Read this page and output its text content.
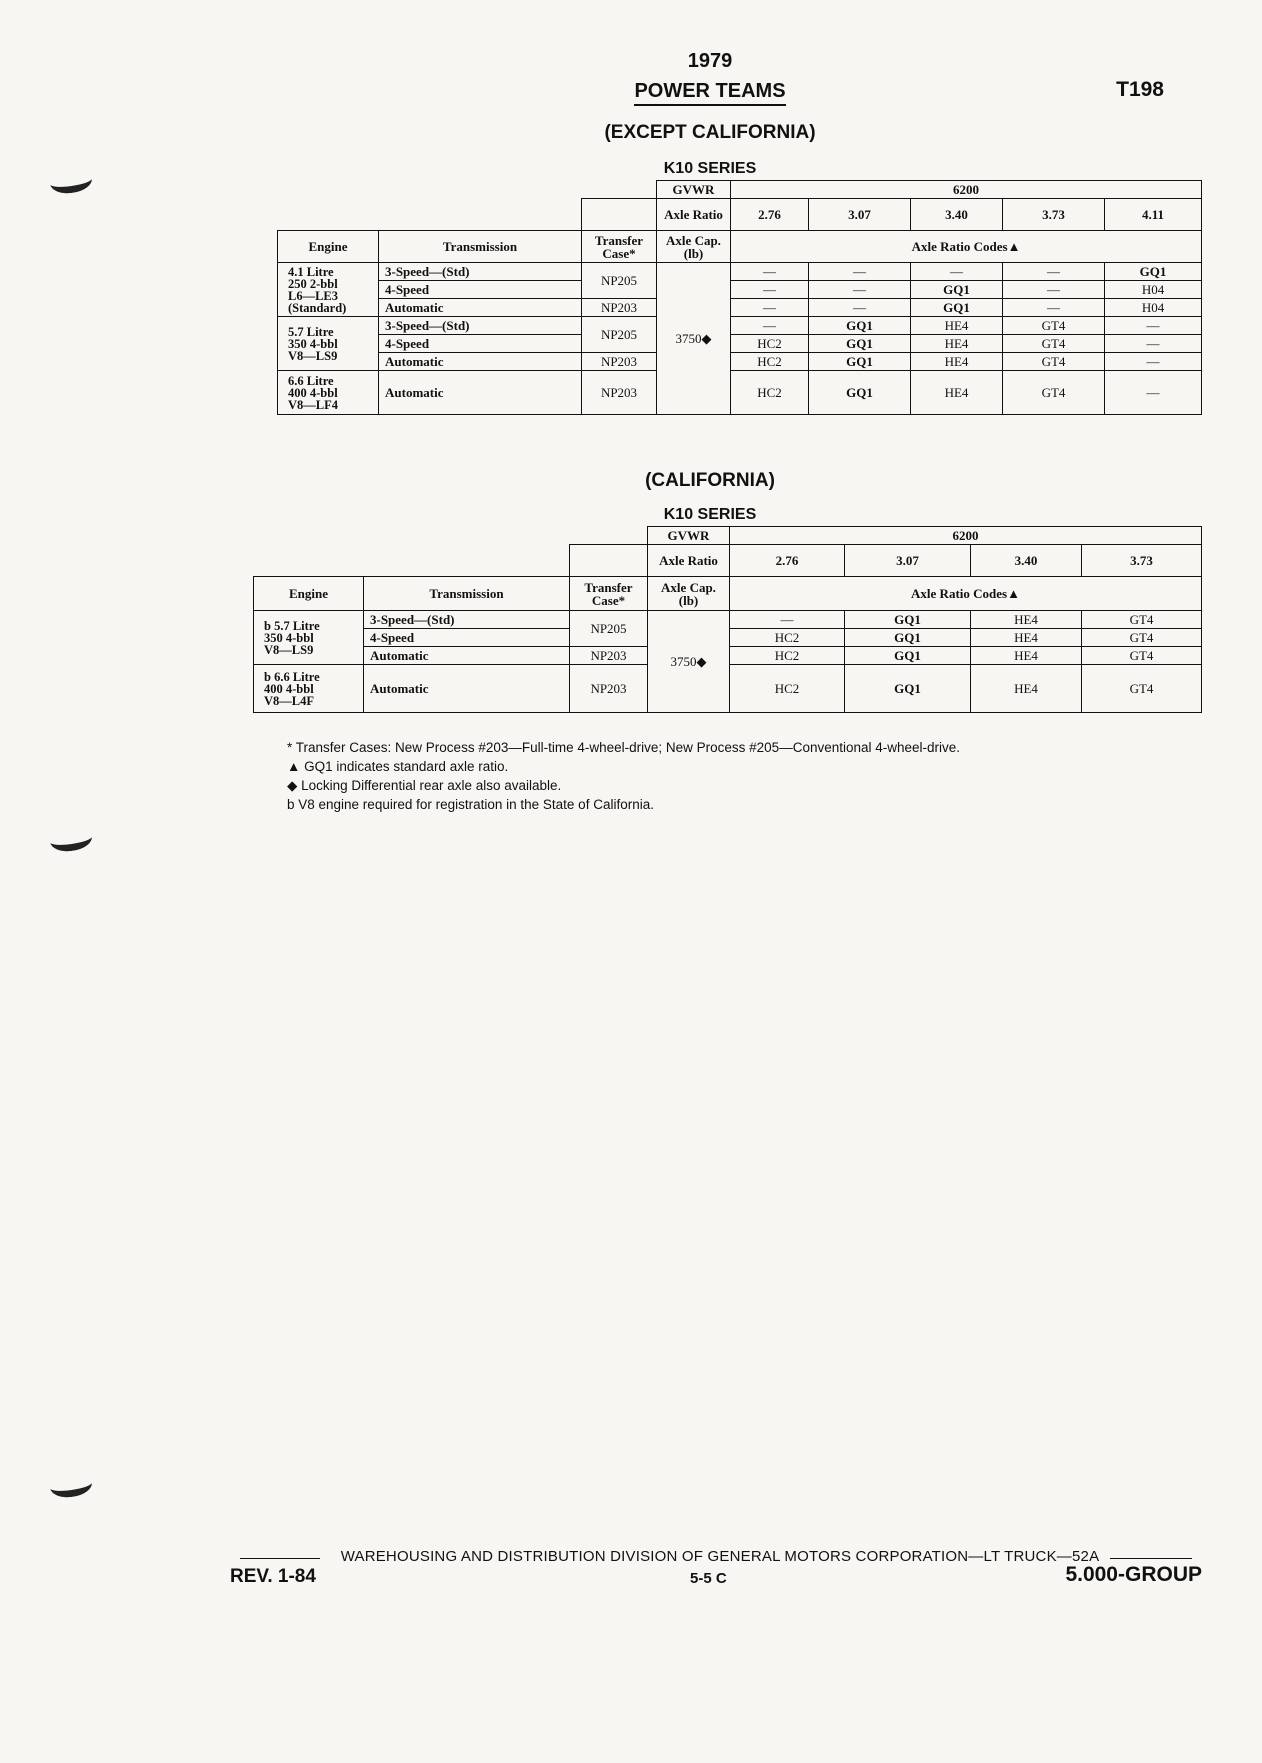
1979
POWER TEAMS	T198
(EXCEPT CALIFORNIA)
K10 SERIES
			GVWR	6200				
			Axle Ratio	2.76	3.07	3.40	3.73	4.11
Engine	Transmission	Transfer Case*	Axle Cap. (lb)	Axle Ratio Codes▲				

4.1 Litre
250 2-bbl
L6—LE3
(Standard)	3-Speed—(Std)	NP205	3750◆	—	—	—	—	GQ1
	4-Speed			—	—	GQ1	—	H04
	Automatic	NP203		—	—	GQ1	—	H04

5.7 Litre
350 4-bbl
V8—LS9	3-Speed—(Std)	NP205		—	GQ1	HE4	GT4	—
	4-Speed			HC2	GQ1	HE4	GT4	—
	Automatic	NP203		HC2	GQ1	HE4	GT4	—

6.6 Litre
400 4-bbl
V8—LF4	Automatic	NP203		HC2	GQ1	HE4	GT4	—
(CALIFORNIA)
K10 SERIES
			GVWR	6200			
			Axle Ratio	2.76	3.07	3.40	3.73
Engine	Transmission	Transfer Case*	Axle Cap. (lb)	Axle Ratio Codes▲			

b 5.7 Litre
350 4-bbl
V8—LS9	3-Speed—(Std)	NP205	3750◆	—	GQ1	HE4	GT4
	4-Speed			HC2	GQ1	HE4	GT4
	Automatic	NP203		HC2	GQ1	HE4	GT4

b 6.6 Litre
400 4-bbl
V8—L4F	Automatic	NP203		HC2	GQ1	HE4	GT4
* Transfer Cases: New Process #203—Full-time 4-wheel-drive; New Process #205—Conventional 4-wheel-drive.
▲ GQ1 indicates standard axle ratio.
◆ Locking Differential rear axle also available.
b V8 engine required for registration in the State of California.
WAREHOUSING AND DISTRIBUTION DIVISION OF GENERAL MOTORS CORPORATION—LT TRUCK—52A
REV. 1-84	5-5 C	5.000-GROUP
